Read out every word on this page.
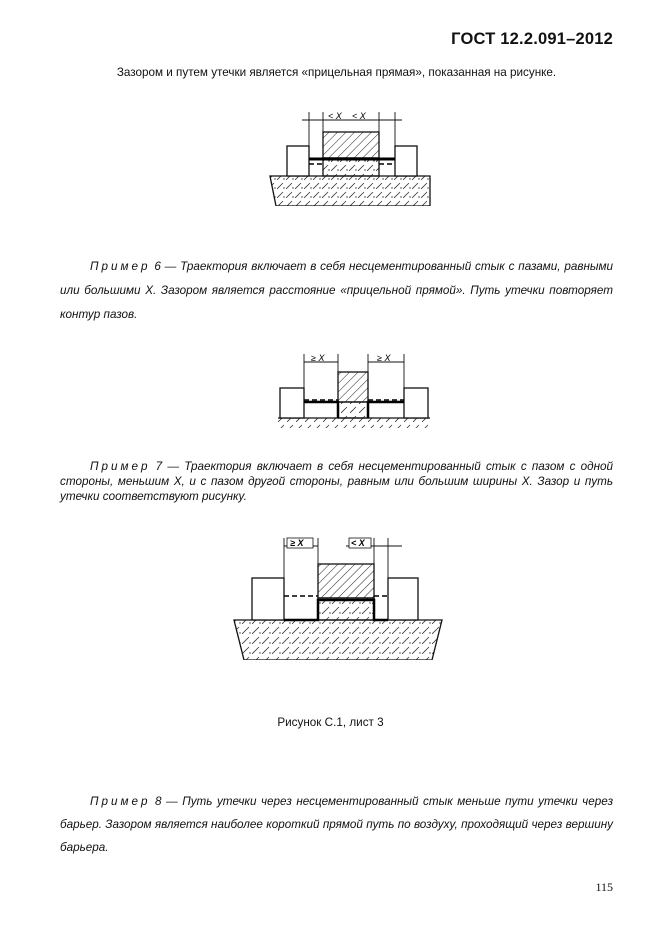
ГОСТ 12.2.091–2012
Зазором и путем утечки является «прицельная прямая», показанная на рисунке.
< X < X
Пример 6 — Траектория включает в себя несцементированный стык с пазами, равными или большими X. Зазором является расстояние «прицельной прямой». Путь утечки повторяет контур пазов.
≥ X	≥ X
Пример 7 — Траектория включает в себя несцементированный стык с пазом с одной стороны, меньшим X, и с пазом другой стороны, равным или большим ширины X. Зазор и путь утечки соответствуют рисунку.
≥ X	< X
Рисунок С.1, лист 3
Пример 8 — Путь утечки через несцементированный стык меньше пути утечки через барьер. Зазором является наиболее короткий прямой путь по воздуху, проходящий через вершину барьера.
115
